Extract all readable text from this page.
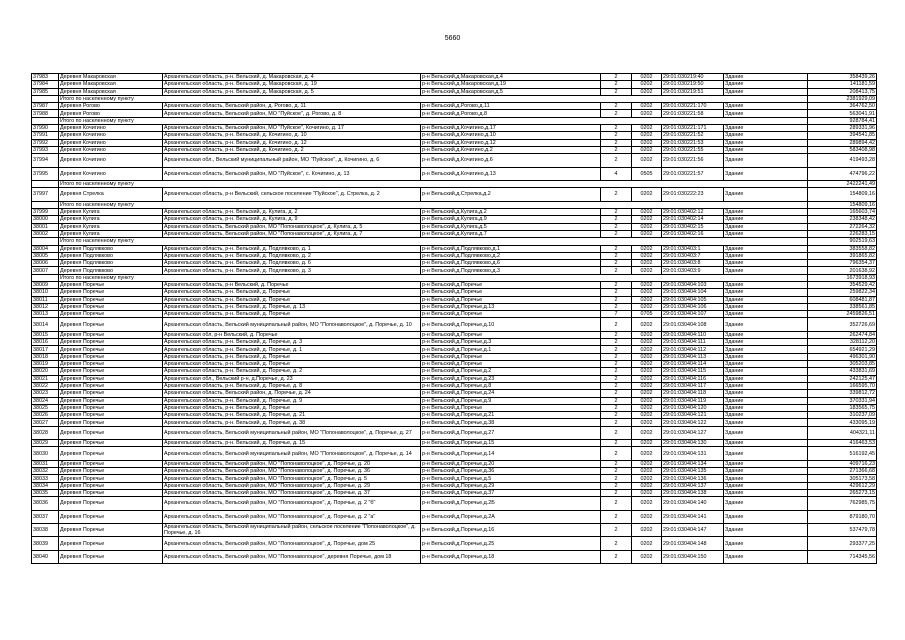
5660
37983	Деревня Макаровская	Архангельская область, р-н. Вельский, д. Макаровская, д. 4	р-н Вельский,д.Макаровская,д.4	2	0202	29:01:030219:40	Здание	358439,26
37984	Деревня Макаровская	Архангельская область, р-н. Вельский, д. Макаровская, д. 19	р-н Вельский,д.Макаровская,д.19	2	0202	29:01:030219:50	Здание	141181,59
37985	Деревня Макаровская	Архангельская область, р-н. Вельский, д. Макаровская, д. 5	р-н Вельский,д.Макаровская,д.5	2	0202	29:01:030219:51	Здание	208413,75
	Итого по населенному пункту							2381929,09
37987	Деревня Рогово	Архангельская область, Вельский район, д. Рогово, д. 11	р-н Вельский,д.Рогово,д.11	2	0202	29:01:030221:170	Здание	364762,50
37988	Деревня Рогово	Архангельская область, Вельский район, МО "Пуйское", д. Рогово, д. 8	р-н Вельский,д.Рогово,д.8	2	0202	29:01:030221:58	Здание	563041,91
	Итого по населенному пункту							928784,41
37990	Деревня Кочигино	Архангельская область, Вельский район, МО "Пуйское", Кочигино, д. 17	р-н Вельский,д.Кочигино,д.17	2	0202	29:01:030221:171	Здание	289331,96
37991	Деревня Кочигино	Архангельская область, р-н. Вельский, д. Кочигино, д. 10	р-н Вельский,д.Кочигино,д.10	2	0202	29:01:030221:52	Здание	394541,85
37992	Деревня Кочигино	Архангельская область, р-н. Вельский, д. Кочигино, д. 12	р-н Вельский,д.Кочигино,д.12	2	0202	29:01:030221:53	Здание	289894,42
37993	Деревня Кочигино	Архангельская область, р-н. Вельский, д. Кочигино, д. 2	р-н Вельский,д.Кочигино,д.2	2	0202	29:01:030221:55	Здание	583408,98
37994	Деревня Кочигино	Архангельская обл., Вельский муниципальный район, МО "Пуйское", д. Кочигино, д. 6	р-н Вельский,д.Кочигино,д.6	2	0202	29:01:030221:56	Здание	419493,28
37995	Деревня Кочигино	Архангельская область, Вельский район, МО "Пуйское", с. Кочигино, д. 13	р-н Вельский,д.Кочигино,д.13	4	0505	29:01:030221:57	Здание	474796,22
	Итого по населенному пункту							2422241,49
37997	Деревня Стрелка	Архангельская область, р-н Вельский, сельское поселение "Пуйское", д. Стрелка, д. 2	р-н Вельский,д.Стрелка,д.2	2	0202	29:01:030222:23	Здание	154809,16
	Итого по населенному пункту							154809,16
37999	Деревня Кулига	Архангельская область, р-н. Вельский, д. Кулига, д. 2	р-н Вельский,д.Кулига,д.2	2	0202	29:01:030402:12	Здание	165603,74
38000	Деревня Кулига	Архангельская область, р-н. Вельский, д. Кулига, д. 9	р-н Вельский,д.Кулига,д.9	2	0202	29:01:030402:14	Здание	238348,42
38001	Деревня Кулига	Архангельская область, Вельский район, МО "Попонаволоцкое", д. Кулига, д. 5	р-н Вельский,д.Кулига,д.5	2	0202	29:01:030402:15	Здание	272264,32
38002	Деревня Кулига	Архангельская область, Вельский район, МО "Попонаволоцкое", д. Кулига, д. 7	р-н Вельский,д.Кулига,д.7	2	0202	29:01:030402:16	Здание	226283,15
	Итого по населенному пункту							902519,63
38004	Деревня Подлявково	Архангельская область, р-н. Вельский, д. Подлявково, д. 1	р-н Вельский,д.Подлявково,д.1	2	0202	29:01:030403:1	Здание	383558,82
38005	Деревня Подлявково	Архангельская область, р-н. Вельский, д. Подлявково, д. 2	р-н Вельский,д.Подлявково,д.2	2	0202	29:01:030403:7	Здание	391865,82
38006	Деревня Подлявково	Архангельская область, р-н. Вельский, д. Подлявково, д. 6	р-н Вельский,д.Подлявково,д.6	2	0202	29:01:030403:8	Здание	796354,37
38007	Деревня Подлявково	Архангельская область, р-н. Вельский, д. Подлявково, д. 3	р-н Вельский,д.Подлявково,д.3	2	0202	29:01:030403:9	Здание	201638,92
	Итого по населенному пункту							1673918,93
38009	Деревня Поречье	Архангельская область, р-н Вельский, д. Поречье	р-н Вельский,д.Поречье	2	0202	29:01:030404:103	Здание	354529,42
38010	Деревня Поречье	Архангельская область, р-н. Вельский, д. Поречье	р-н Вельский,д.Поречье	2	0202	29:01:030404:104	Здание	259822,34
38011	Деревня Поречье	Архангельская область, р-н. Вельский, д. Поречье	р-н Вельский,д.Поречье	2	0202	29:01:030404:105	Здание	608481,87
38012	Деревня Поречье	Архангельская область, р-н. Вельский, д. Поречье, д. 13	р-н Вельский,д.Поречье,д.13	2	0202	29:01:030404:106	Здание	338561,85
38013	Деревня Поречье	Архангельская область, р-н. Вельский, д. Поречье	р-н Вельский,д.Поречье	7	0705	29:01:030404:107	Здание	2459826,51
38014	Деревня Поречье	Архангельская область, Вельский муниципальный район, МО "Попонаволоцкое", д. Поречье, д. 10	р-н Вельский,д.Поречье,д.10	2	0202	29:01:030404:108	Здание	352726,69
38015	Деревня Поречье	Архангельская обл, р-н Вельский, д. Поречье	р-н Вельский,д.Поречье	2	0202	29:01:030404:110	Здание	262474,84
38016	Деревня Поречье	Архангельская область, р-н. Вельский, д. Поречье, д. 3	р-н Вельский,д.Поречье,д.3	2	0202	29:01:030404:111	Здание	328112,20
38017	Деревня Поречье	Архангельская область, р-н. Вельский, д. Поречье, д. 1	р-н Вельский,д.Поречье,д.1	2	0202	29:01:030404:112	Здание	654921,29
38018	Деревня Поречье	Архангельская область, р-н. Вельский, д. Поречье	р-н Вельский,д.Поречье	2	0202	29:01:030404:113	Здание	496301,90
38019	Деревня Поречье	Архангельская область, р-н. Вельский, д. Поречье	р-н Вельский,д.Поречье	2	0202	29:01:030404:114	Здание	305203,85
38020	Деревня Поречье	Архангельская область, р-н. Вельский, д. Поречье, д. 2	р-н Вельский,д.Поречье,д.2	2	0202	29:01:030404:115	Здание	433831,69
38021	Деревня Поречье	Архангельская обл., Вельский р-н, д.Поречье, д. 23	р-н Вельский,д.Поречье,д.23	2	0202	29:01:030404:116	Здание	242125,47
38022	Деревня Поречье	Архангельская область, р-н. Вельский, д. Поречье, д. 8	р-н Вельский,д.Поречье,д.8	2	0202	29:01:030404:117	Здание	166595,70
38023	Деревня Поречье	Архангельская область, Вельский район, д. Поречье, д. 24	р-н Вельский,д.Поречье,д.24	2	0202	29:01:030404:118	Здание	339812,72
38024	Деревня Поречье	Архангельская область, р-н. Вельский, д. Поречье, д. 9	р-н Вельский,д.Поречье,д.9	2	0202	29:01:030404:119	Здание	370331,94
38025	Деревня Поречье	Архангельская область, р-н. Вельский, д. Поречье	р-н Вельский,д.Поречье	2	0202	29:01:030404:120	Здание	183565,75
38026	Деревня Поречье	Архангельская область, р-н. Вельский, д. Поречье, д. 21	р-н Вельский,д.Поречье,д.21	2	0202	29:01:030404:121	Здание	310237,09
38027	Деревня Поречье	Архангельская область, р-н. Вельский, д. Поречье, д. 38	р-н Вельский,д.Поречье,д.38	2	0202	29:01:030404:122	Здание	433095,19
38028	Деревня Поречье	Архангельская область, Вельский муниципальный район, МО "Попонаволоцкое", д. Поречье, д. 27	р-н Вельский,д.Поречье,д.27	2	0202	29:01:030404:127	Здание	404321,11
38029	Деревня Поречье	Архангельская область, р-н. Вельский, д. Поречье, д. 15	р-н Вельский,д.Поречье,д.15	2	0202	29:01:030404:130	Здание	416463,53
38030	Деревня Поречье	Архангельская область, Вельский муниципальный район, МО "Попонаволоцкое", д. Поречье, д. 14	р-н Вельский,д.Поречье,д.14	2	0202	29:01:030404:131	Здание	516192,45
38031	Деревня Поречье	Архангельская область, Вельский район, МО "Попонаволоцкое", д. Поречье, д. 20	р-н Вельский,д.Поречье,д.20	2	0202	29:01:030404:134	Здание	409716,23
38032	Деревня Поречье	Архангельская область, Вельский район, МО "Попонаволоцкое", д. Поречье, д. 36	р-н Вельский,д.Поречье,д.36	2	0202	29:01:030404:135	Здание	271366,68
38033	Деревня Поречье	Архангельская область, Вельский район, МО "Попонаволоцкое", д. Поречье, д. 5	р-н Вельский,д.Поречье,д.5	2	0202	29:01:030404:136	Здание	305173,58
38034	Деревня Поречье	Архангельская область, Вельский район, МО "Попонаволоцкое", д. Поречье, д. 29	р-н Вельский,д.Поречье,д.29	2	0202	29:01:030404:137	Здание	429612,29
38035	Деревня Поречье	Архангельская область, Вельский район, МО "Попонаволоцкое", д. Поречье, д. 37	р-н Вельский,д.Поречье,д.37	2	0202	29:01:030404:138	Здание	265273,15
38036	Деревня Поречье	Архангельская область, Вельский район, МО "Попонаволоцкое", д. Поречье, д. 2 "б"	р-н Вельский,д.Поречье,д.2Б	2	0202	29:01:030404:140	Здание	762985,75
38037	Деревня Поречье	Архангельская область, Вельский район, МО "Попонаволоцкое", д. Поречье, д. 2 "а"	р-н Вельский,д.Поречье,д.2А	2	0202	29:01:030404:141	Здание	879180,70
38038	Деревня Поречье	Архангельская область, Вельский муниципальный район, сельское поселение "Попонаволоцкое", д. Поречье, д. 16	р-н Вельский,д.Поречье,д.16	2	0202	29:01:030404:147	Здание	537479,78
38039	Деревня Поречье	Архангельская область, Вельский район, МО "Попонаволоцкое", д. Поречье, дом 25	р-н Вельский,д.Поречье,д.25	2	0202	29:01:030404:148	Здание	293377,25
38040	Деревня Поречье	Архангельская область, Вельский район, МО "Попонаволоцкое", деревня Поречье, дом 18	р-н Вельский,д.Поречье,д.18	2	0202	29:01:030404:150	Здание	714345,56
